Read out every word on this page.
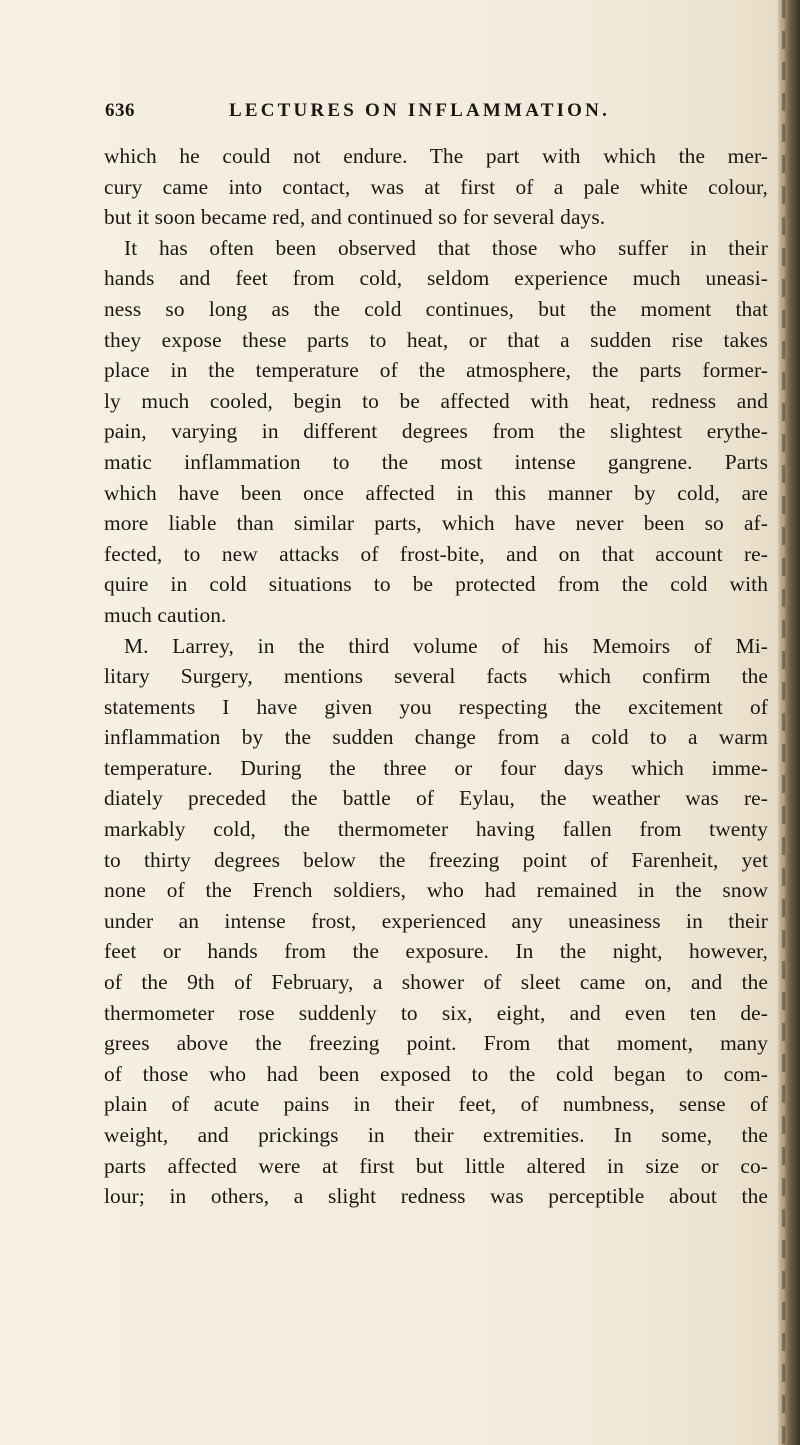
636	LECTURES ON INFLAMMATION.
which he could not endure. The part with which the mer-
cury came into contact, was at first of a pale white colour,
but it soon became red, and continued so for several days.
It has often been observed that those who suffer in their
hands and feet from cold, seldom experience much uneasi-
ness so long as the cold continues, but the moment that
they expose these parts to heat, or that a sudden rise takes
place in the temperature of the atmosphere, the parts former-
ly much cooled, begin to be affected with heat, redness and
pain, varying in different degrees from the slightest erythe-
matic inflammation to the most intense gangrene. Parts
which have been once affected in this manner by cold, are
more liable than similar parts, which have never been so af-
fected, to new attacks of frost-bite, and on that account re-
quire in cold situations to be protected from the cold with
much caution.
M. Larrey, in the third volume of his Memoirs of Mi-
litary Surgery, mentions several facts which confirm the
statements I have given you respecting the excitement of
inflammation by the sudden change from a cold to a warm
temperature. During the three or four days which imme-
diately preceded the battle of Eylau, the weather was re-
markably cold, the thermometer having fallen from twenty
to thirty degrees below the freezing point of Farenheit, yet
none of the French soldiers, who had remained in the snow
under an intense frost, experienced any uneasiness in their
feet or hands from the exposure. In the night, however,
of the 9th of February, a shower of sleet came on, and the
thermometer rose suddenly to six, eight, and even ten de-
grees above the freezing point. From that moment, many
of those who had been exposed to the cold began to com-
plain of acute pains in their feet, of numbness, sense of
weight, and prickings in their extremities. In some, the
parts affected were at first but little altered in size or co-
lour; in others, a slight redness was perceptible about the
